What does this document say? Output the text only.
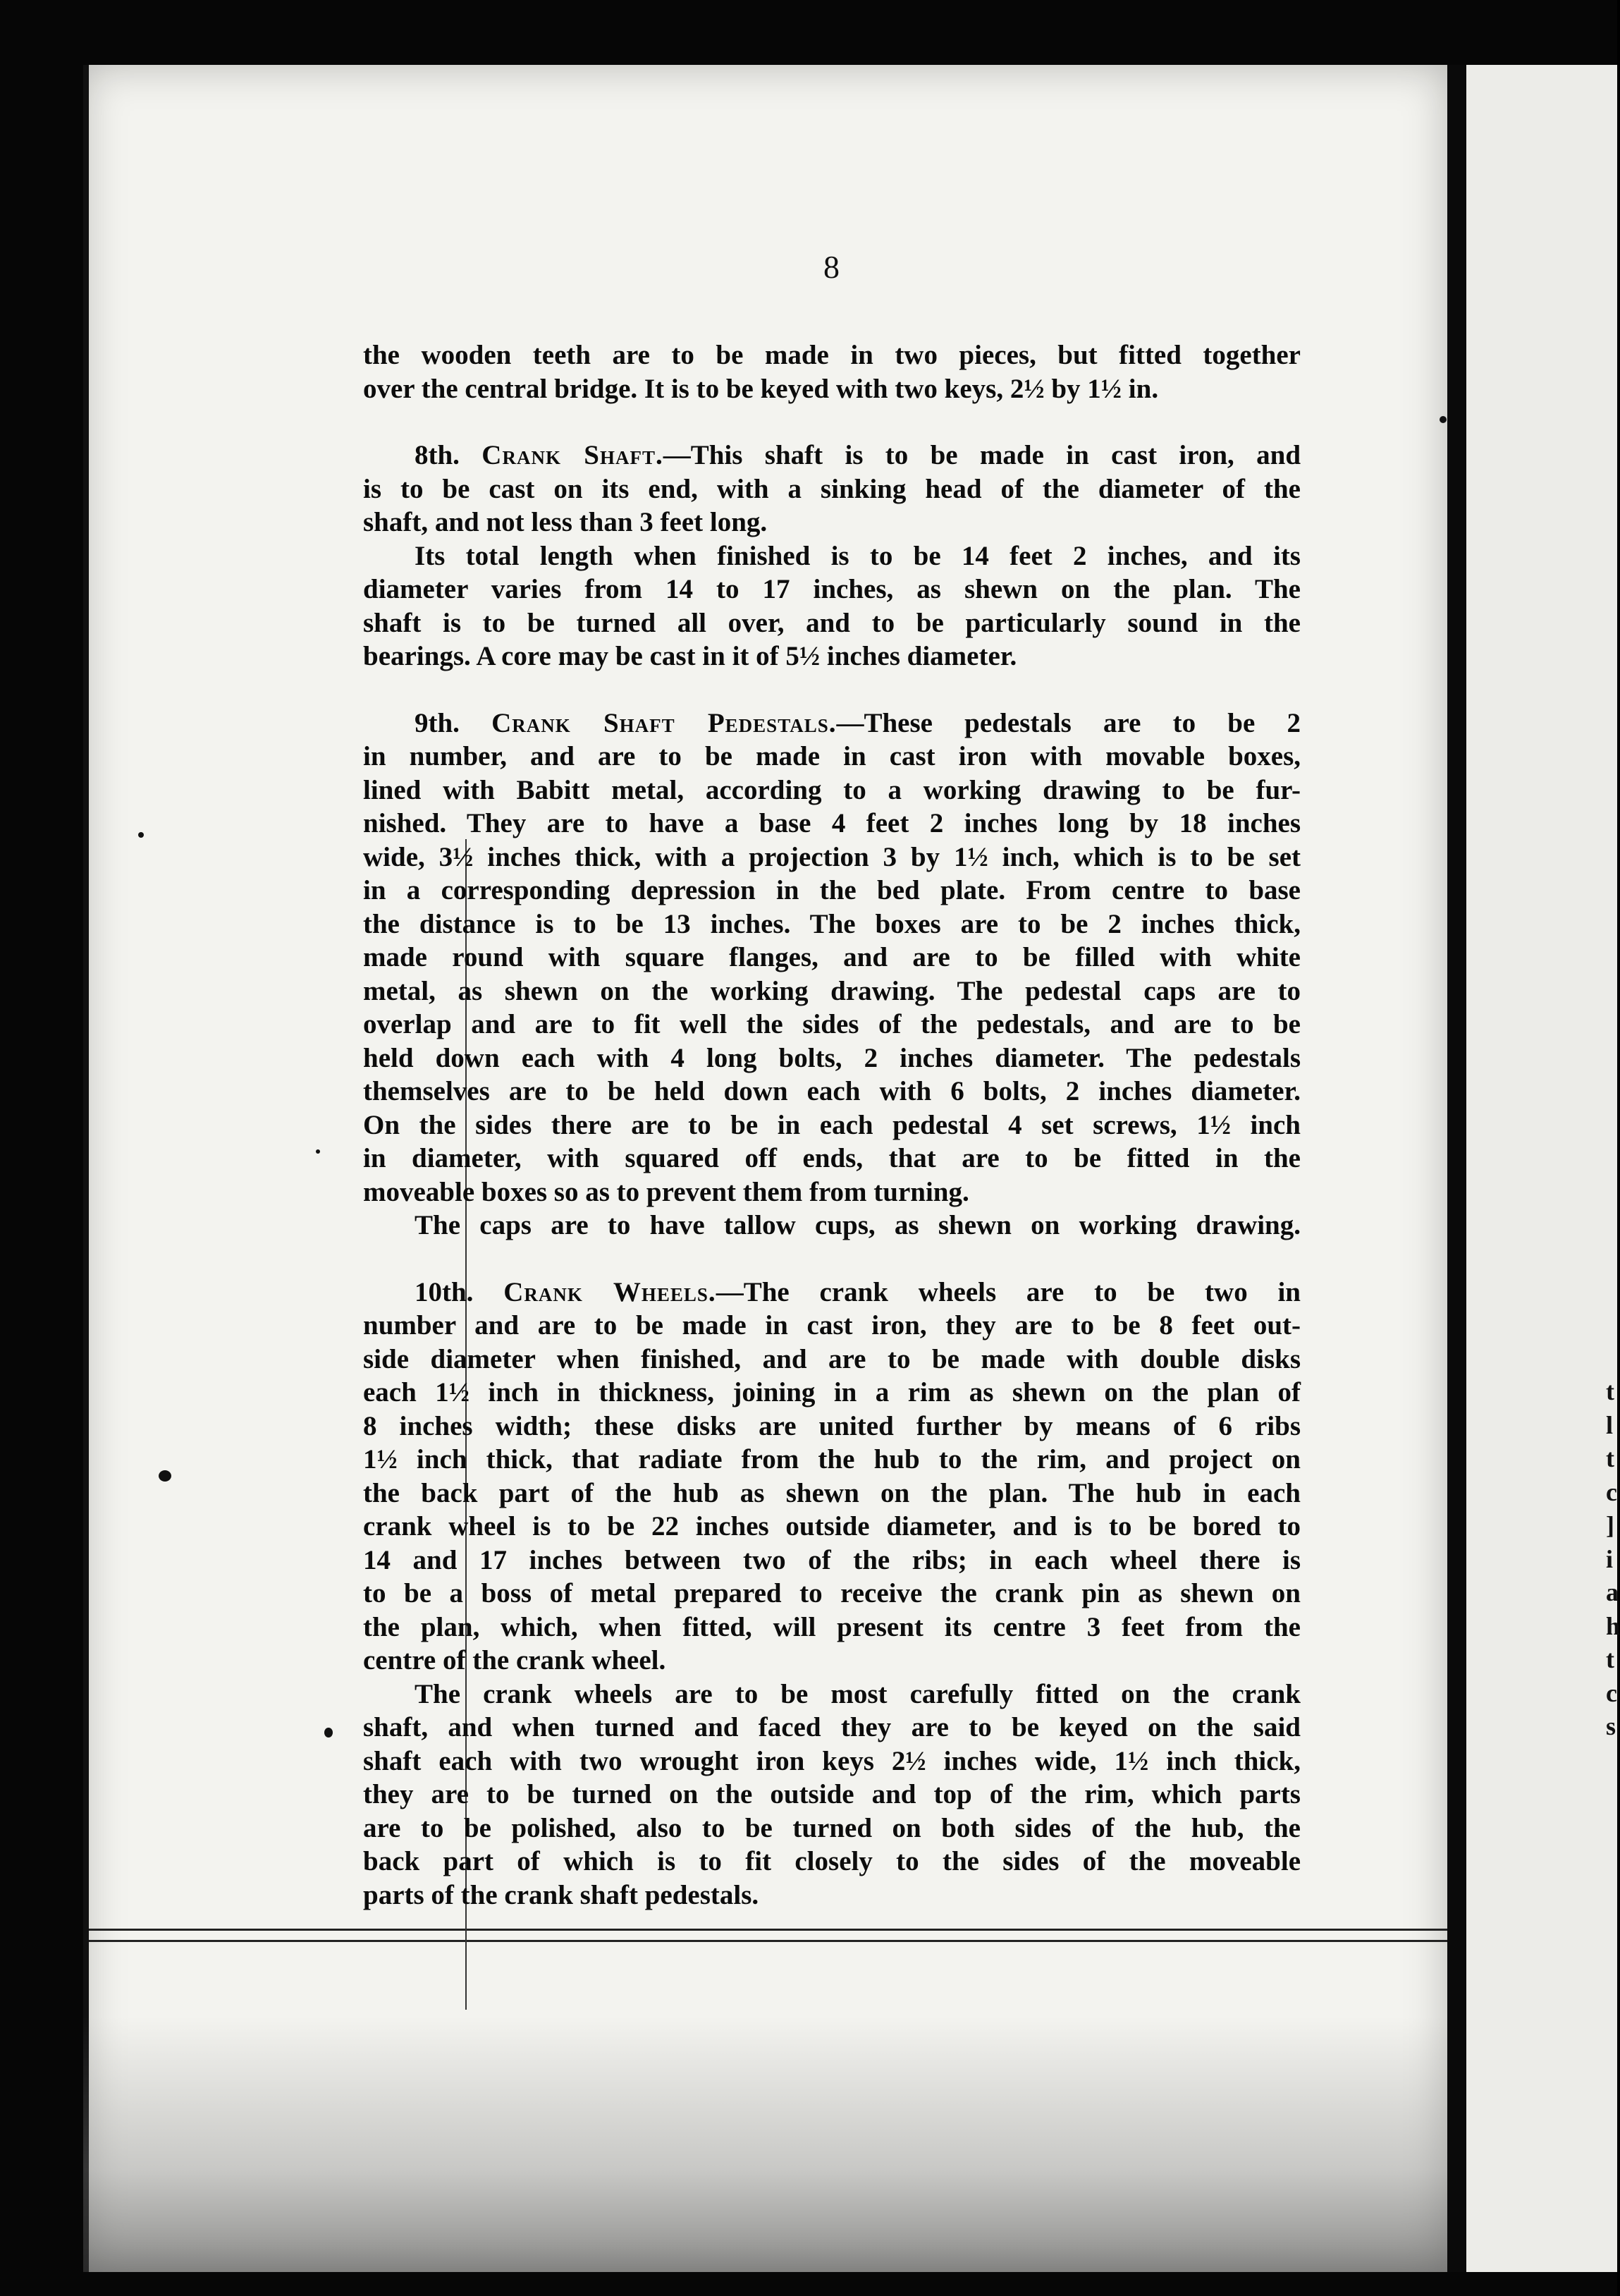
8
the wooden teeth are to be made in two pieces, but fitted together
over the central bridge. It is to be keyed with two keys, 2½ by 1½ in.
8th. Crank Shaft.—This shaft is to be made in cast iron, and
is to be cast on its end, with a sinking head of the diameter of the
shaft, and not less than 3 feet long.
Its total length when finished is to be 14 feet 2 inches, and its
diameter varies from 14 to 17 inches, as shewn on the plan. The
shaft is to be turned all over, and to be particularly sound in the
bearings. A core may be cast in it of 5½ inches diameter.
9th. Crank Shaft Pedestals.—These pedestals are to be 2
in number, and are to be made in cast iron with movable boxes,
lined with Babitt metal, according to a working drawing to be fur-
nished. They are to have a base 4 feet 2 inches long by 18 inches
wide, 3½ inches thick, with a projection 3 by 1½ inch, which is to be set
in a corresponding depression in the bed plate. From centre to base
the distance is to be 13 inches. The boxes are to be 2 inches thick,
made round with square flanges, and are to be filled with white
metal, as shewn on the working drawing. The pedestal caps are to
overlap and are to fit well the sides of the pedestals, and are to be
held down each with 4 long bolts, 2 inches diameter. The pedestals
themselves are to be held down each with 6 bolts, 2 inches diameter.
On the sides there are to be in each pedestal 4 set screws, 1½ inch
in diameter, with squared off ends, that are to be fitted in the
moveable boxes so as to prevent them from turning.
The caps are to have tallow cups, as shewn on working drawing.
10th. Crank Wheels.—The crank wheels are to be two in
number and are to be made in cast iron, they are to be 8 feet out-
side diameter when finished, and are to be made with double disks
each 1½ inch in thickness, joining in a rim as shewn on the plan of
8 inches width; these disks are united further by means of 6 ribs
1½ inch thick, that radiate from the hub to the rim, and project on
the back part of the hub as shewn on the plan. The hub in each
crank wheel is to be 22 inches outside diameter, and is to be bored to
14 and 17 inches between two of the ribs; in each wheel there is
to be a boss of metal prepared to receive the crank pin as shewn on
the plan, which, when fitted, will present its centre 3 feet from the
centre of the crank wheel.
The crank wheels are to be most carefully fitted on the crank
shaft, and when turned and faced they are to be keyed on the said
shaft each with two wrought iron keys 2½ inches wide, 1½ inch thick,
they are to be turned on the outside and top of the rim, which parts
are to be polished, also to be turned on both sides of the hub, the
back part of which is to fit closely to the sides of the moveable
parts of the crank shaft pedestals.
t
l
t
c
]
i
a
h
t
c
s
